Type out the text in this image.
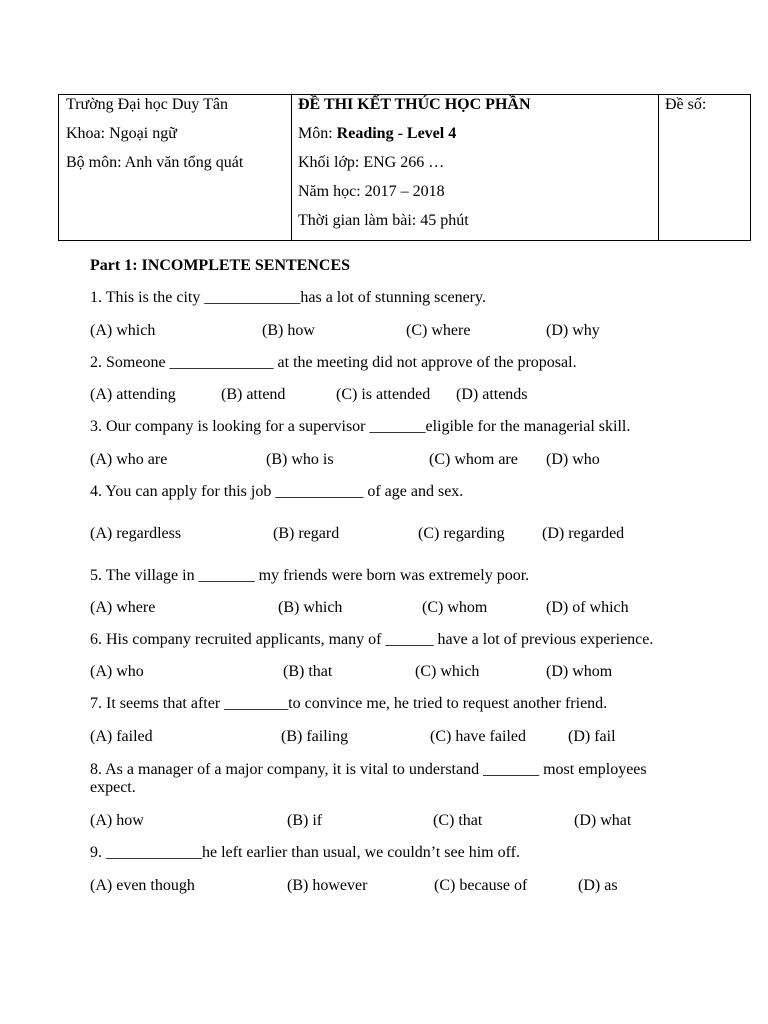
Trường Đại học Duy Tân
Khoa: Ngoại ngữ
Bộ môn: Anh văn tổng quát

ĐỀ THI KẾT THÚC HỌC PHẦN
Môn: Reading - Level 4
Khối lớp: ENG 266 …
Năm học: 2017 – 2018
Thời gian làm bài: 45 phút

Đề số:
Part 1: INCOMPLETE SENTENCES
1. This is the city ____________has a lot of stunning scenery.
(A) which	(B) how	(C) where	(D) why
2. Someone _____________ at the meeting did not approve of the proposal.
(A) attending	(B) attend	(C) is attended (D) attends
3. Our company is looking for a supervisor _______eligible for the managerial skill.
(A) who are	(B) who is	(C) whom are (D) who
4. You can apply for this job ___________ of age and sex.
(A) regardless	(B) regard	(C) regarding (D) regarded
5. The village in _______ my friends were born was extremely poor.
(A) where	(B) which	(C) whom	(D) of which
6. His company recruited applicants, many of ______ have a lot of previous experience.
(A) who	(B) that	(C) which	(D) whom
7. It seems that after ________to convince me, he tried to request another friend.
(A) failed	(B) failing	(C) have failed	(D) fail
8. As a manager of a major company, it is vital to understand _______ most employees expect.
(A) how	(B) if	(C) that	(D) what
9. ____________he left earlier than usual, we couldn’t see him off.
(A) even though	(B) however	(C) because of	(D) as
